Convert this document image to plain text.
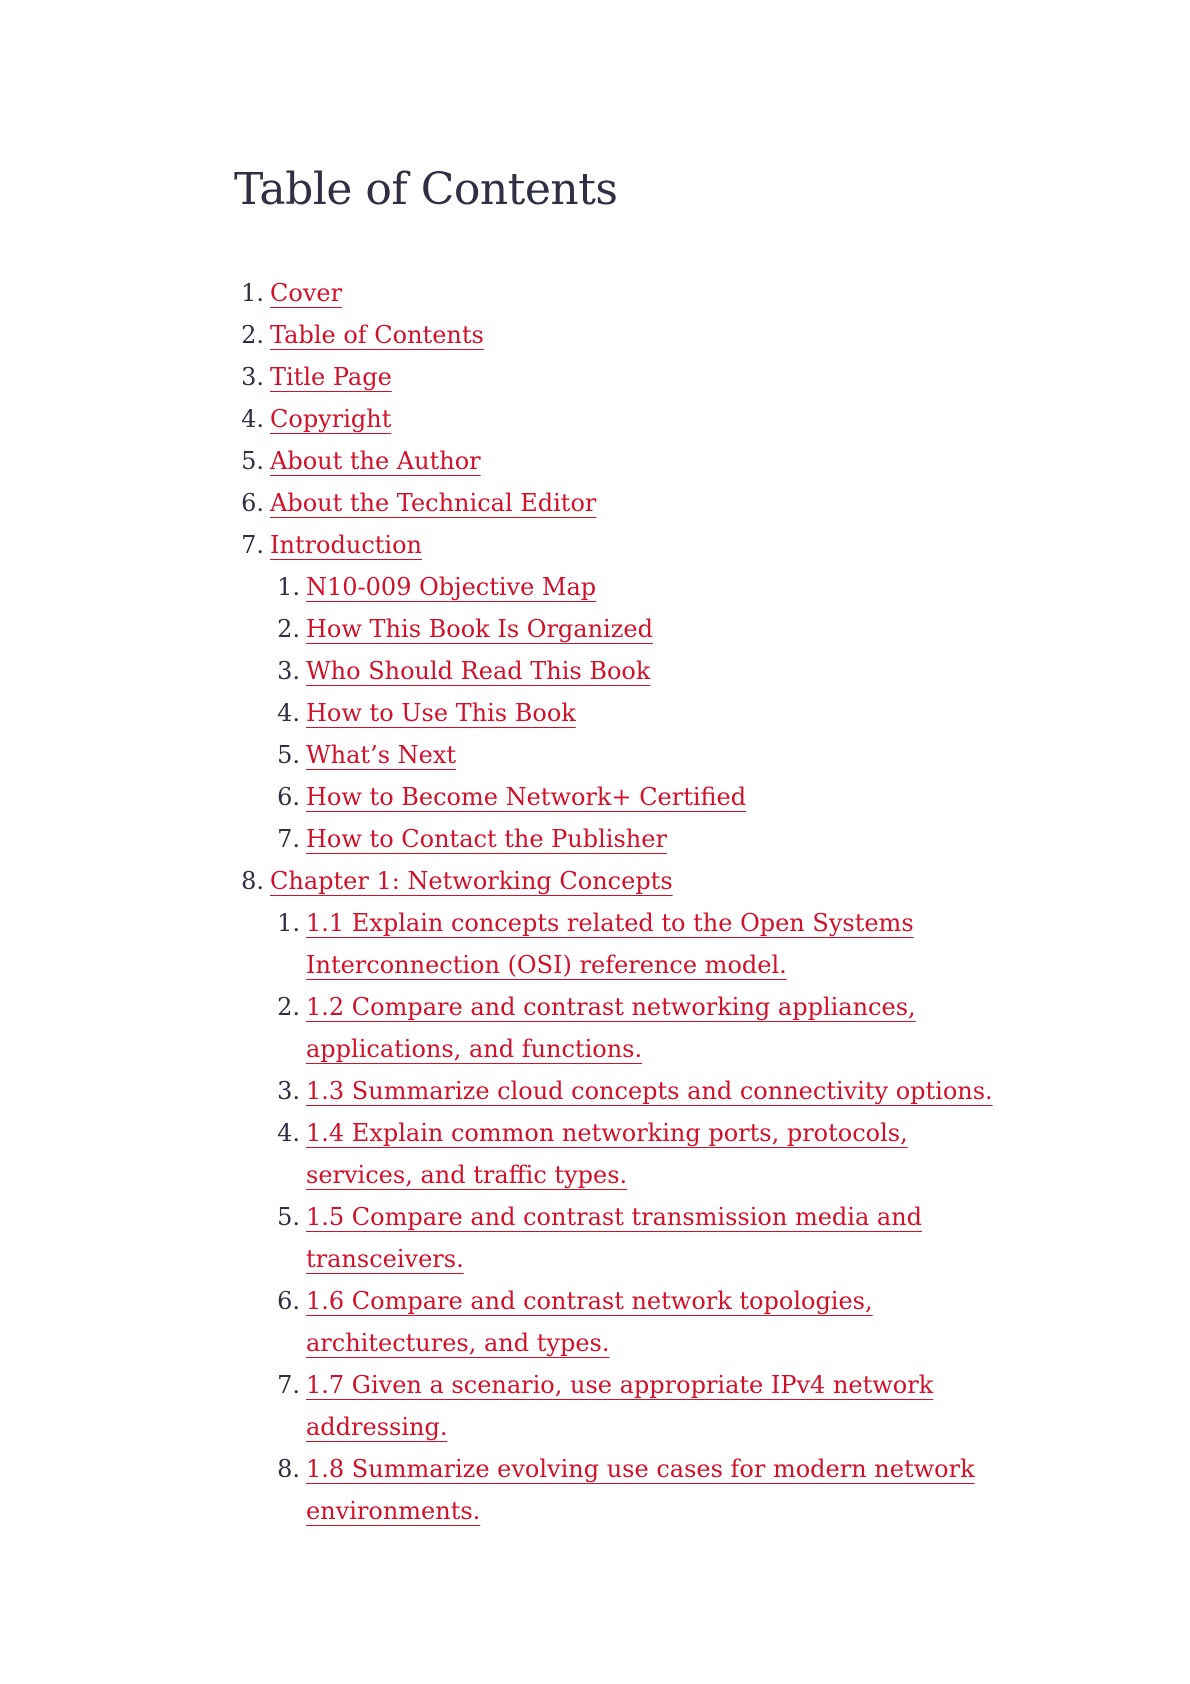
Table of Contents
1. Cover
2. Table of Contents
3. Title Page
4. Copyright
5. About the Author
6. About the Technical Editor
7. Introduction
1. N10-009 Objective Map
2. How This Book Is Organized
3. Who Should Read This Book
4. How to Use This Book
5. What’s Next
6. How to Become Network+ Certified
7. How to Contact the Publisher
8. Chapter 1: Networking Concepts
1. 1.1 Explain concepts related to the Open Systems Interconnection (OSI) reference model.
2. 1.2 Compare and contrast networking appliances, applications, and functions.
3. 1.3 Summarize cloud concepts and connectivity options.
4. 1.4 Explain common networking ports, protocols, services, and traffic types.
5. 1.5 Compare and contrast transmission media and transceivers.
6. 1.6 Compare and contrast network topologies, architectures, and types.
7. 1.7 Given a scenario, use appropriate IPv4 network addressing.
8. 1.8 Summarize evolving use cases for modern network environments.
